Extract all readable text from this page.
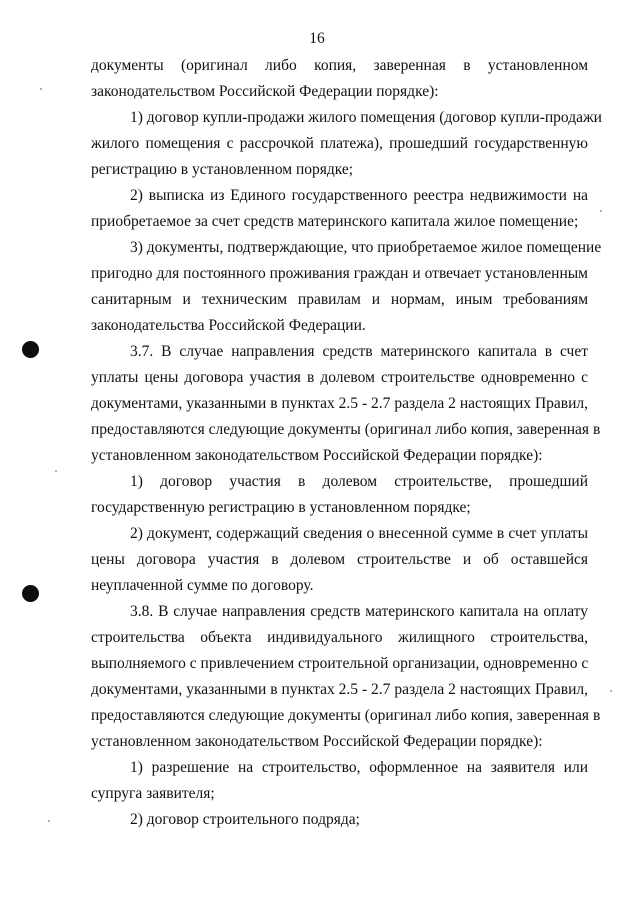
16
документы (оригинал либо копия, заверенная в установленном
законодательством Российской Федерации порядке):
1) договор купли-продажи жилого помещения (договор купли-продажи
жилого помещения с рассрочкой платежа), прошедший государственную
регистрацию в установленном порядке;
2) выписка из Единого государственного реестра недвижимости на
приобретаемое за счет средств материнского капитала жилое помещение;
3) документы, подтверждающие, что приобретаемое жилое помещение
пригодно для постоянного проживания граждан и отвечает установленным
санитарным и техническим правилам и нормам, иным требованиям
законодательства Российской Федерации.
3.7. В случае направления средств материнского капитала в счет
уплаты цены договора участия в долевом строительстве одновременно с
документами, указанными в пунктах 2.5 - 2.7 раздела 2 настоящих Правил,
предоставляются следующие документы (оригинал либо копия, заверенная в
установленном законодательством Российской Федерации порядке):
1) договор участия в долевом строительстве, прошедший
государственную регистрацию в установленном порядке;
2) документ, содержащий сведения о внесенной сумме в счет уплаты
цены договора участия в долевом строительстве и об оставшейся
неуплаченной сумме по договору.
3.8. В случае направления средств материнского капитала на оплату
строительства объекта индивидуального жилищного строительства,
выполняемого с привлечением строительной организации, одновременно с
документами, указанными в пунктах 2.5 - 2.7 раздела 2 настоящих Правил,
предоставляются следующие документы (оригинал либо копия, заверенная в
установленном законодательством Российской Федерации порядке):
1) разрешение на строительство, оформленное на заявителя или
супруга заявителя;
2) договор строительного подряда;
